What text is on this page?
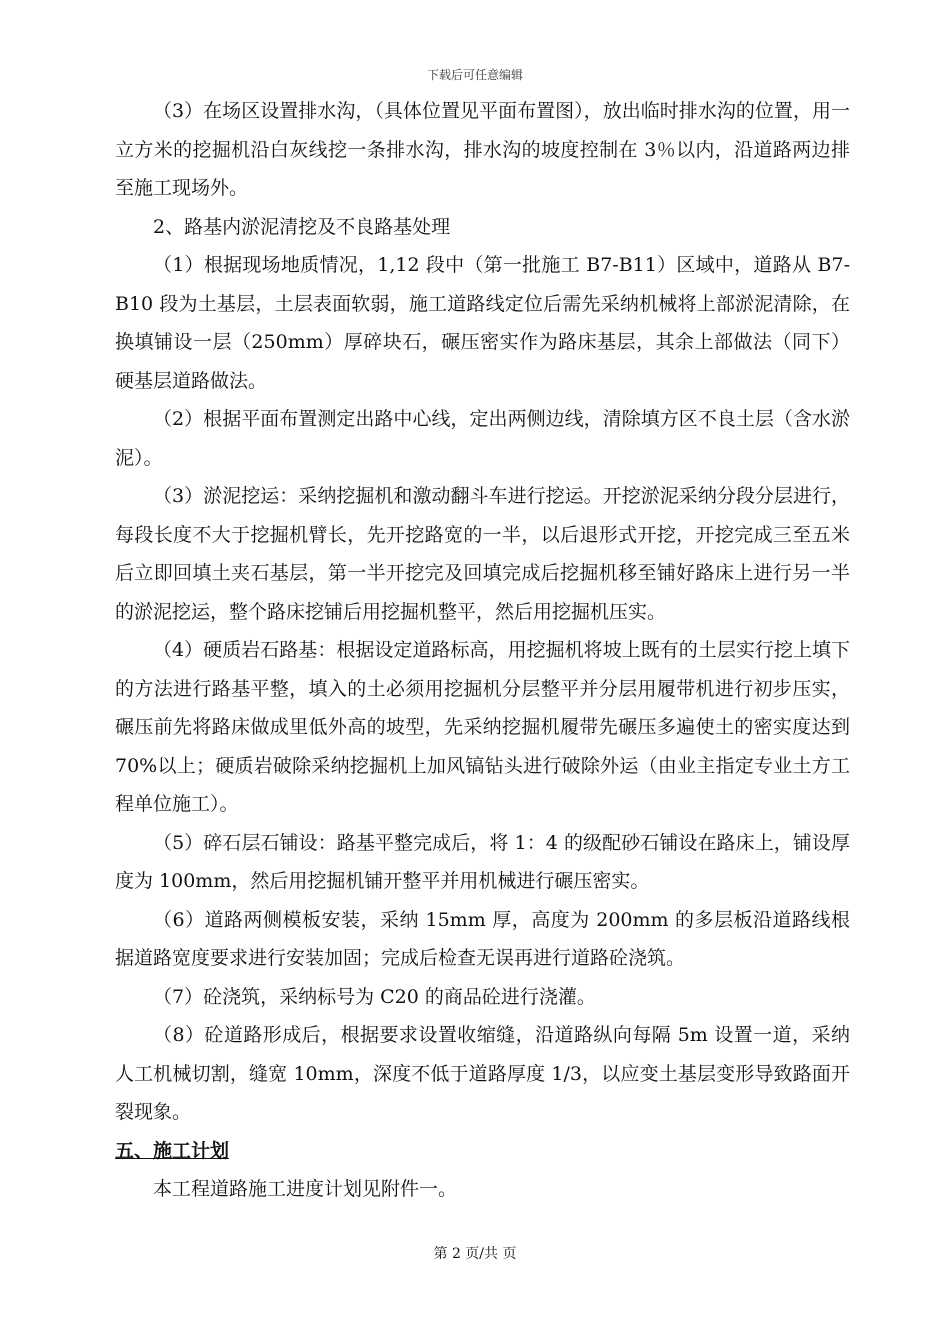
下载后可任意编辑

（3）在场区设置排水沟，（具体位置见平面布置图），放出临时排水沟的位置，用一立方米的挖掘机沿白灰线挖一条排水沟，排水沟的坡度控制在 3％以内，沿道路两边排至施工现场外。

2、路基内淤泥清挖及不良路基处理

（1）根据现场地质情况，1,12 段中（第一批施工 B7-B11）区域中，道路从 B7-B10 段为土基层，土层表面软弱，施工道路线定位后需先采纳机械将上部淤泥清除，在换填铺设一层（250mm）厚碎块石，碾压密实作为路床基层，其余上部做法（同下）硬基层道路做法。

（2）根据平面布置测定出路中心线，定出两侧边线，清除填方区不良土层（含水淤泥）。

（3）淤泥挖运：采纳挖掘机和激动翻斗车进行挖运。开挖淤泥采纳分段分层进行，每段长度不大于挖掘机臂长，先开挖路宽的一半，以后退形式开挖，开挖完成三至五米后立即回填土夹石基层，第一半开挖完及回填完成后挖掘机移至铺好路床上进行另一半的淤泥挖运，整个路床挖铺后用挖掘机整平，然后用挖掘机压实。

（4）硬质岩石路基：根据设定道路标高，用挖掘机将坡上既有的土层实行挖上填下的方法进行路基平整，填入的土必须用挖掘机分层整平并分层用履带机进行初步压实，碾压前先将路床做成里低外高的坡型，先采纳挖掘机履带先碾压多遍使土的密实度达到 70%以上；硬质岩破除采纳挖掘机上加风镐钻头进行破除外运（由业主指定专业土方工程单位施工）。

（5）碎石层石铺设：路基平整完成后，将 1：4 的级配砂石铺设在路床上，铺设厚度为 100mm，然后用挖掘机铺开整平并用机械进行碾压密实。

（6）道路两侧模板安装，采纳 15mm 厚，高度为 200mm 的多层板沿道路线根据道路宽度要求进行安装加固；完成后检查无误再进行道路砼浇筑。

（7）砼浇筑，采纳标号为 C20 的商品砼进行浇灌。

（8）砼道路形成后，根据要求设置收缩缝，沿道路纵向每隔 5m 设置一道，采纳人工机械切割，缝宽 10mm，深度不低于道路厚度 1/3，以应变土基层变形导致路面开裂现象。

五、施工计划

本工程道路施工进度计划见附件一。

第 2 页/共 页
